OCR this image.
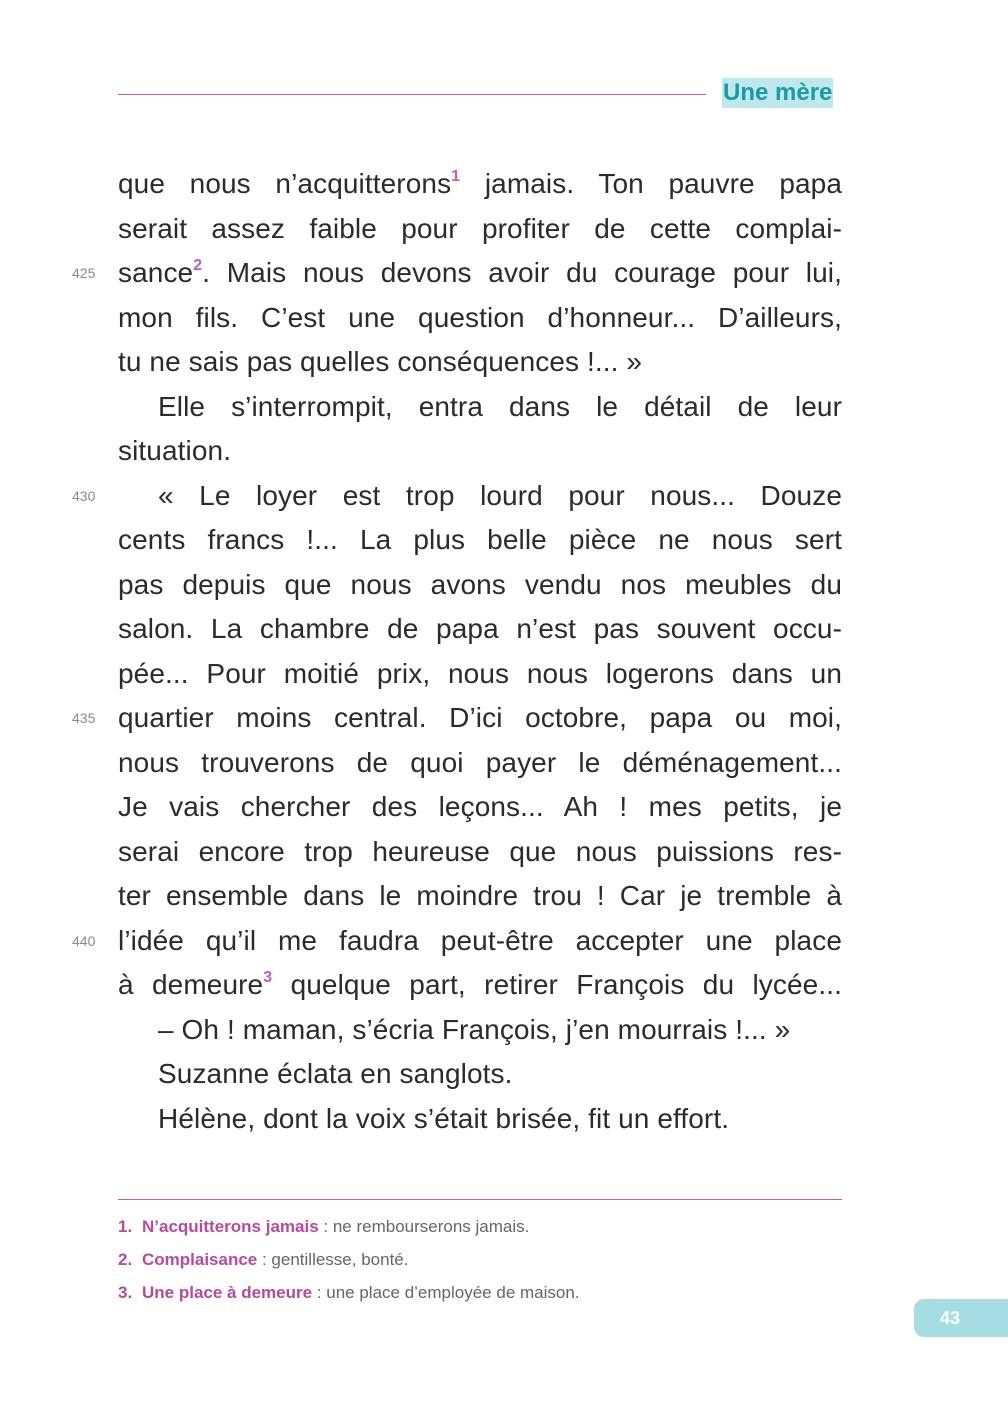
Une mère
que nous n’acquitterons$^1$ jamais. Ton pauvre papa
serait assez faible pour profiter de cette complai-
425 sance$^2$. Mais nous devons avoir du courage pour lui,
mon fils. C’est une question d’honneur... D’ailleurs,
tu ne sais pas quelles conséquences !... »
Elle s’interrompit, entra dans le détail de leur
situation.
430 « Le loyer est trop lourd pour nous... Douze
cents francs !... La plus belle pièce ne nous sert
pas depuis que nous avons vendu nos meubles du
salon. La chambre de papa n’est pas souvent occu-
pée... Pour moitié prix, nous nous logerons dans un
435 quartier moins central. D’ici octobre, papa ou moi,
nous trouverons de quoi payer le déménagement...
Je vais chercher des leçons... Ah ! mes petits, je
serai encore trop heureuse que nous puissions res-
ter ensemble dans le moindre trou ! Car je tremble à
440 l’idée qu’il me faudra peut-être accepter une place
à demeure$^3$ quelque part, retirer François du lycée...
– Oh ! maman, s’écria François, j’en mourrais !... »
Suzanne éclata en sanglots.
Hélène, dont la voix s’était brisée, fit un effort.
1. N’acquitterons jamais : ne rembourserons jamais.
2. Complaisance : gentillesse, bonté.
3. Une place à demeure : une place d’employée de maison.
43
